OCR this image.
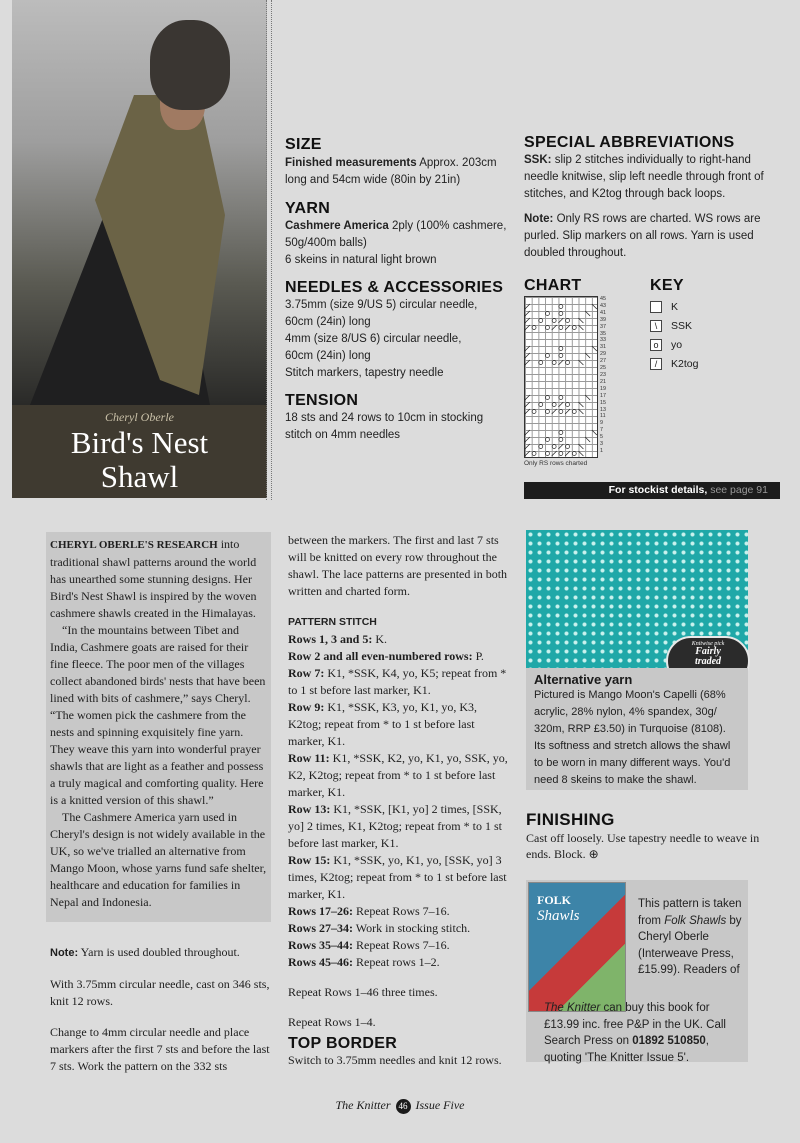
Cheryl Oberle
Bird's Nest
Shawl
SIZE
Finished measurements Approx. 203cm long and 54cm wide (80in by 21in)
YARN
Cashmere America 2ply (100% cashmere, 50g/400m balls)
6 skeins in natural light brown
NEEDLES & ACCESSORIES
3.75mm (size 9/US 5) circular needle,
60cm (24in) long
4mm (size 8/US 6) circular needle,
60cm (24in) long
Stitch markers, tapestry needle
TENSION
18 sts and 24 rows to 10cm in stocking stitch on 4mm needles
SPECIAL ABBREVIATIONS
SSK: slip 2 stitches individually to right-hand needle knitwise, slip left needle through front of stitches, and K2tog through back loops.
Note: Only RS rows are charted. WS rows are purled. Slip markers on all rows. Yarn is used doubled throughout.
CHART
45
43
41
39
37
35
33
31
29
27
25
23
21
19
17
15
13
11
9
7
5
3
1
Only RS rows charted
KEY
K
\	SSK
o	yo
/	K2tog
For stockist details, see page 91

CHERYL OBERLE'S RESEARCH into traditional shawl patterns around the world has unearthed some stunning designs. Her Bird's Nest Shawl is inspired by the woven cashmere shawls created in the Himalayas.

“In the mountains between Tibet and India, Cashmere goats are raised for their fine fleece. The poor men of the villages collect abandoned birds' nests that have been lined with bits of cashmere,” says Cheryl. “The women pick the cashmere from the nests and spinning exquisitely fine yarn. They weave this yarn into wonderful prayer shawls that are light as a feather and possess a truly magical and comforting quality. Here is a knitted version of this shawl.”

The Cashmere America yarn used in Cheryl's design is not widely available in the UK, so we've trialled an alternative from Mango Moon, whose yarns fund safe shelter, healthcare and education for families in Nepal and Indonesia.

Note: Yarn is used doubled throughout.

With 3.75mm circular needle, cast on 346 sts, knit 12 rows.

Change to 4mm circular needle and place markers after the first 7 sts and before the last 7 sts. Work the pattern on the 332 sts

between the markers. The first and last 7 sts will be knitted on every row throughout the shawl. The lace patterns are presented in both written and charted form.

PATTERN STITCH

Rows 1, 3 and 5: K.

Row 2 and all even-numbered rows: P.

Row 7: K1, *SSK, K4, yo, K5; repeat from * to 1 st before last marker, K1.

Row 9: K1, *SSK, K3, yo, K1, yo, K3, K2tog; repeat from * to 1 st before last marker, K1.

Row 11: K1, *SSK, K2, yo, K1, yo, SSK, yo, K2, K2tog; repeat from * to 1 st before last marker, K1.

Row 13: K1, *SSK, [K1, yo] 2 times, [SSK, yo] 2 times, K1, K2tog; repeat from * to 1 st before last marker, K1.

Row 15: K1, *SSK, yo, K1, yo, [SSK, yo] 3 times, K2tog; repeat from * to 1 st before last marker, K1.

Rows 17–26: Repeat Rows 7–16.

Rows 27–34: Work in stocking stitch.

Rows 35–44: Repeat Rows 7–16.

Rows 45–46: Repeat rows 1–2.

Repeat Rows 1–46 three times.

Repeat Rows 1–4.

TOP BORDER

Switch to 3.75mm needles and knit 12 rows.

Knitwise pick
Fairly
traded
Alternative yarn
Pictured is Mango Moon's Capelli (68% acrylic, 28% nylon, 4% spandex, 30g/ 320m, RRP £3.50) in Turquoise (8108). Its softness and stretch allows the shawl to be worn in many different ways. You'd need 8 skeins to make the shawl.
FINISHING
Cast off loosely. Use tapestry needle to weave in ends. Block. ⊕
FOLK
Shawls
This pattern is taken from Folk Shawls by Cheryl Oberle (Interweave Press, £15.99). Readers of
The Knitter can buy this book for £13.99 inc. free P&P in the UK. Call Search Press on 01892 510850, quoting 'The Knitter Issue 5'.
The Knitter 46 Issue Five
